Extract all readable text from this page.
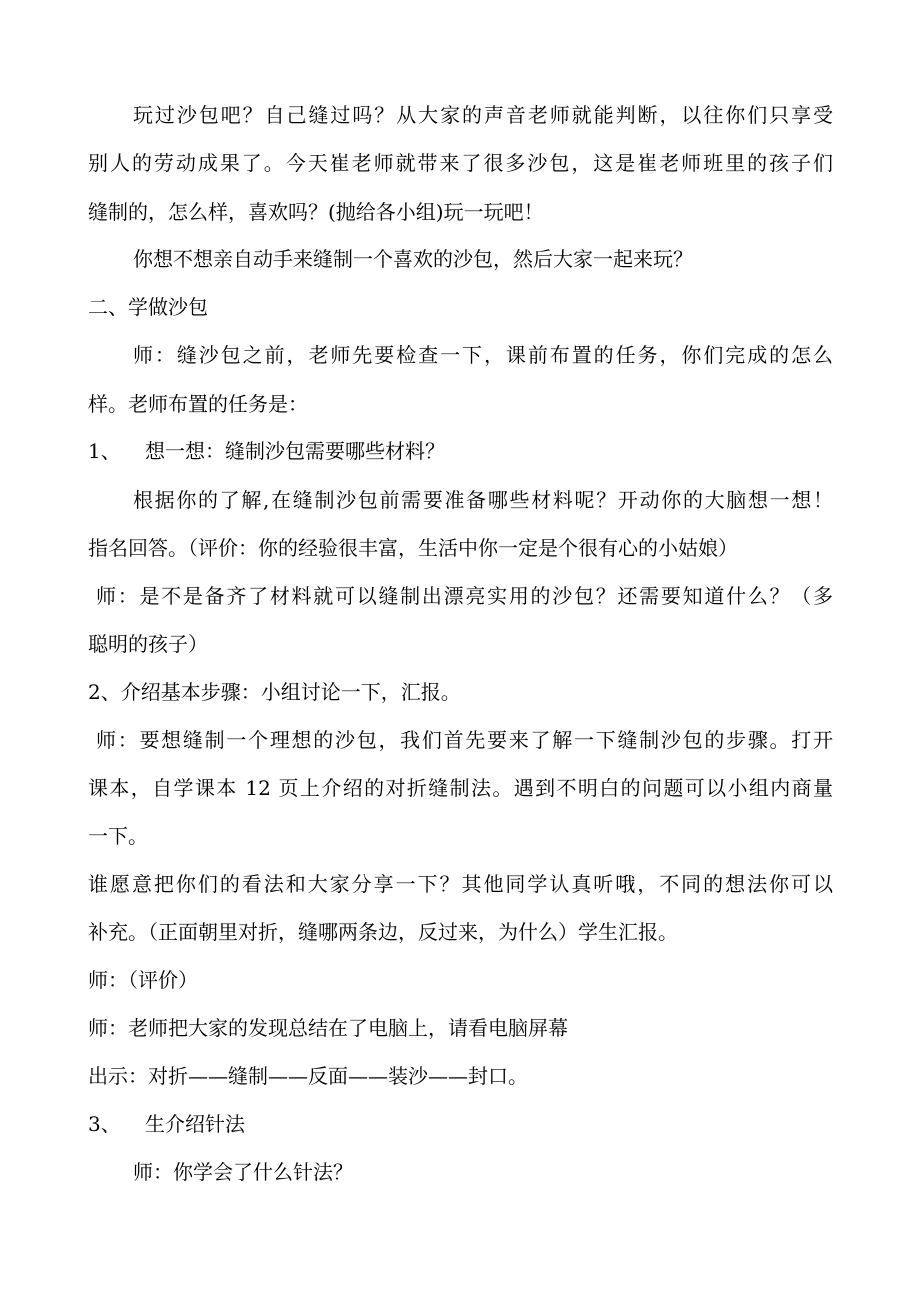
玩过沙包吧？自己缝过吗？从大家的声音老师就能判断，以往你们只享受
别人的劳动成果了。今天崔老师就带来了很多沙包，这是崔老师班里的孩子们
缝制的，怎么样，喜欢吗？(抛给各小组)玩一玩吧！
你想不想亲自动手来缝制一个喜欢的沙包，然后大家一起来玩？
二、学做沙包
师：缝沙包之前，老师先要检查一下，课前布置的任务，你们完成的怎么
样。老师布置的任务是：
1、 想一想：缝制沙包需要哪些材料？
根据你的了解,在缝制沙包前需要准备哪些材料呢？开动你的大脑想一想！
指名回答。（评价：你的经验很丰富，生活中你一定是个很有心的小姑娘）
师：是不是备齐了材料就可以缝制出漂亮实用的沙包？还需要知道什么？（多
聪明的孩子）
2、介绍基本步骤：小组讨论一下，汇报。
师：要想缝制一个理想的沙包，我们首先要来了解一下缝制沙包的步骤。打开
课本，自学课本 12 页上介绍的对折缝制法。遇到不明白的问题可以小组内商量
一下。
谁愿意把你们的看法和大家分享一下？其他同学认真听哦，不同的想法你可以
补充。（正面朝里对折，缝哪两条边，反过来，为什么）学生汇报。
师：（评价）
师：老师把大家的发现总结在了电脑上，请看电脑屏幕
出示：对折——缝制——反面——装沙——封口。
3、 生介绍针法
师：你学会了什么针法？
